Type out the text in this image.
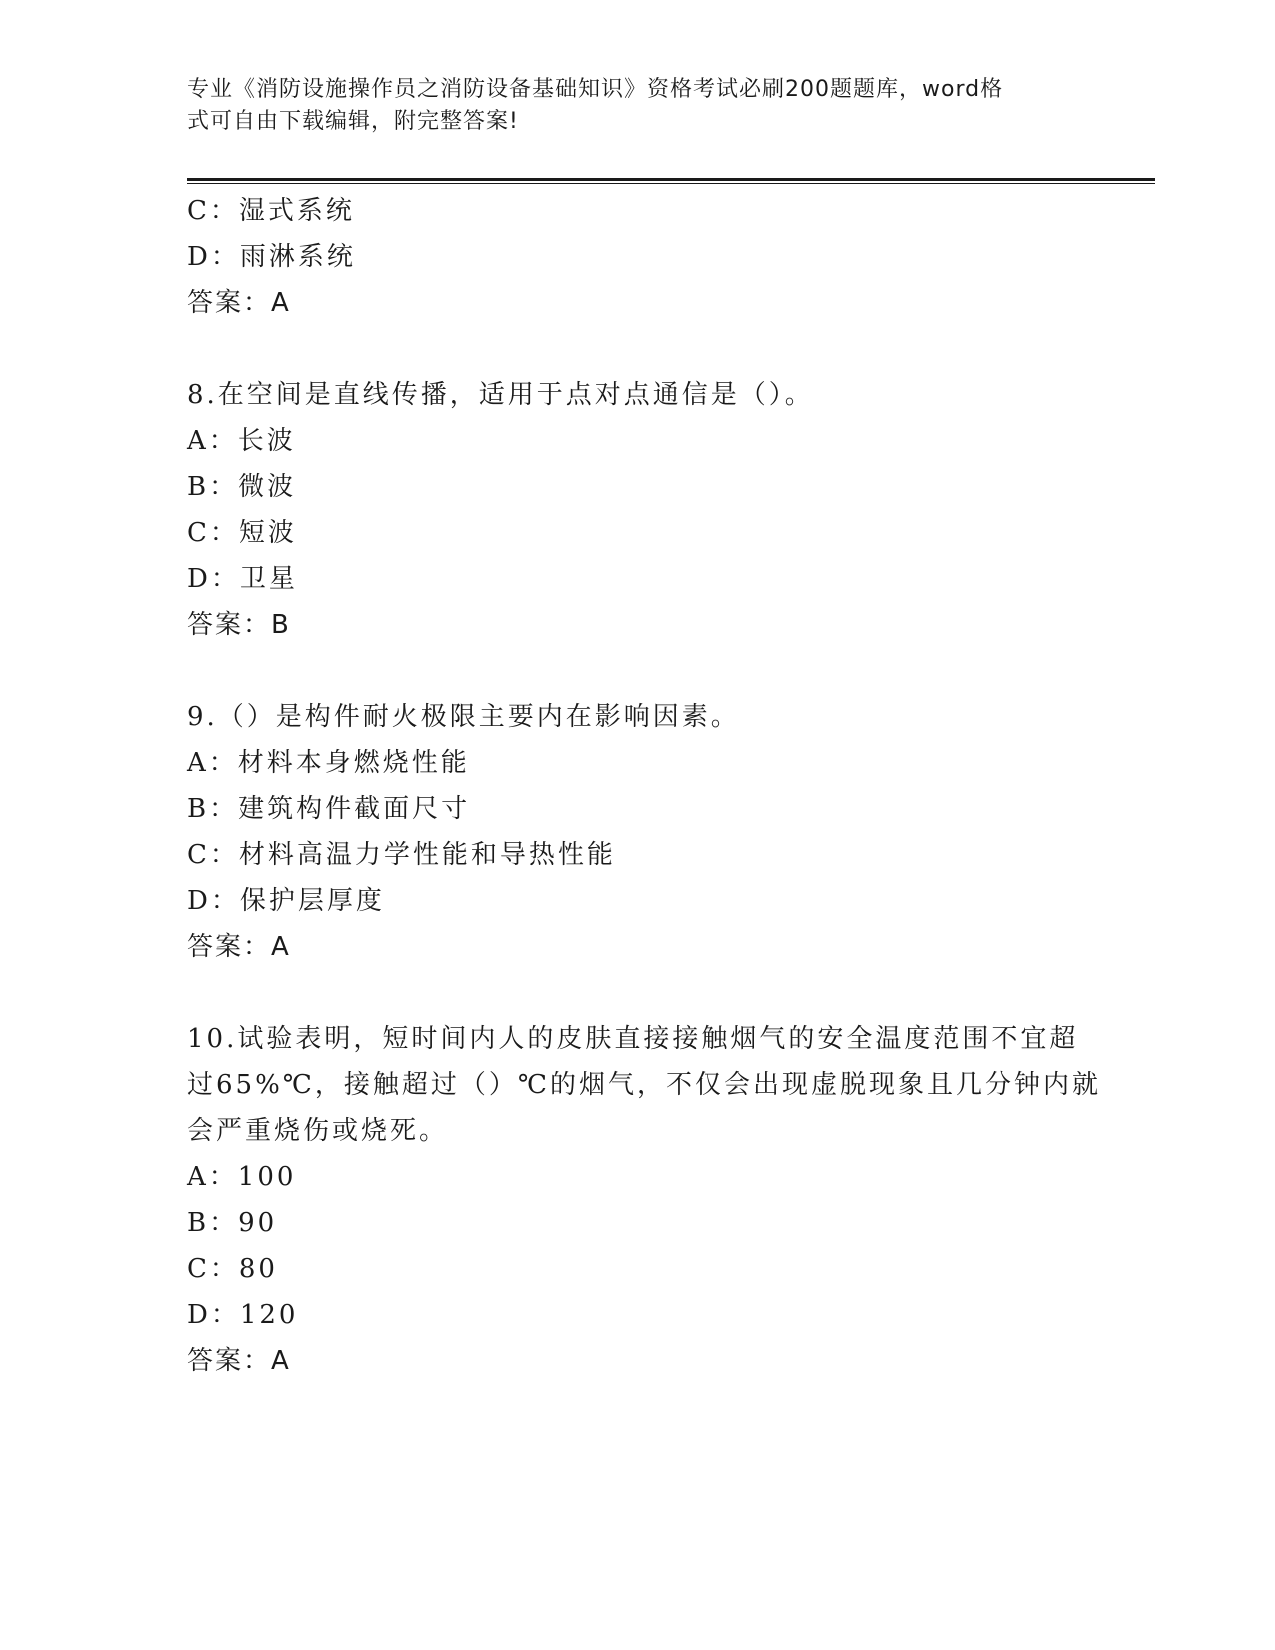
专业《消防设施操作员之消防设备基础知识》资格考试必刷200题题库，word格
式可自由下载编辑，附完整答案!
C：湿式系统
D：雨淋系统
答案：A
8.在空间是直线传播，适用于点对点通信是（）。
A：长波
B：微波
C：短波
D：卫星
答案：B
9.（）是构件耐火极限主要内在影响因素。
A：材料本身燃烧性能
B：建筑构件截面尺寸
C：材料高温力学性能和导热性能
D：保护层厚度
答案：A
10.试验表明，短时间内人的皮肤直接接触烟气的安全温度范围不宜超
过65%℃，接触超过（）℃的烟气，不仅会出现虚脱现象且几分钟内就
会严重烧伤或烧死。
A：100
B：90
C：80
D：120
答案：A
